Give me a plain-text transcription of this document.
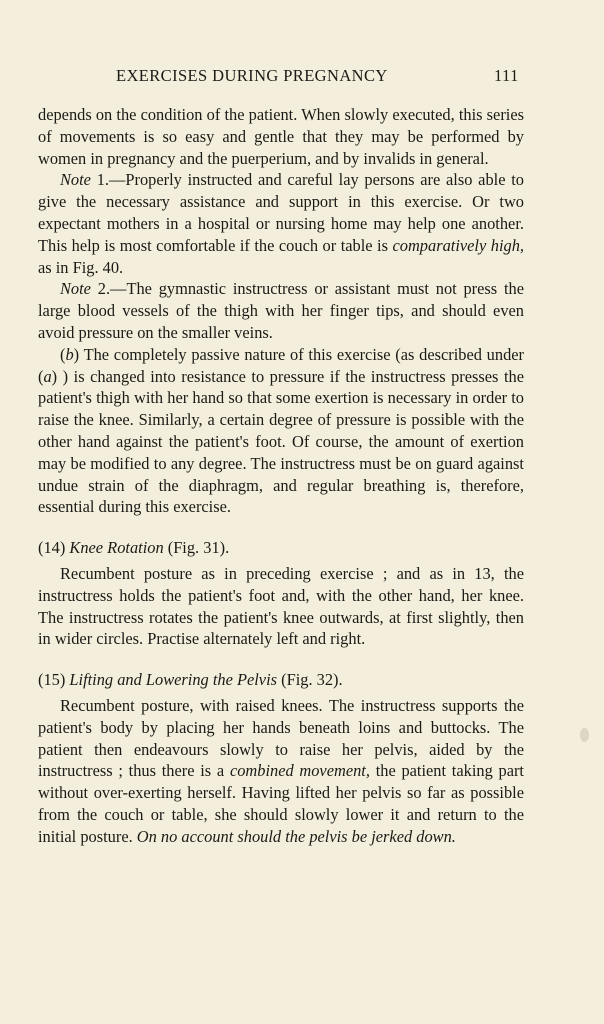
EXERCISES DURING PREGNANCY	111

depends on the condition of the patient. When slowly executed, this series of movements is so easy and gentle that they may be performed by women in pregnancy and the puerperium, and by invalids in general.

Note 1.—Properly instructed and careful lay persons are also able to give the necessary assistance and support in this exercise. Or two expectant mothers in a hospital or nursing home may help one another. This help is most comfortable if the couch or table is comparatively high, as in Fig. 40.

Note 2.—The gymnastic instructress or assistant must not press the large blood vessels of the thigh with her finger tips, and should even avoid pressure on the smaller veins.

(b) The completely passive nature of this exercise (as described under (a) ) is changed into resistance to pressure if the instructress presses the patient's thigh with her hand so that some exertion is necessary in order to raise the knee. Similarly, a certain degree of pressure is possible with the other hand against the patient's foot. Of course, the amount of exertion may be modified to any degree. The instructress must be on guard against undue strain of the diaphragm, and regular breathing is, therefore, essential during this exercise.

(14) Knee Rotation (Fig. 31).

Recumbent posture as in preceding exercise ; and as in 13, the instructress holds the patient's foot and, with the other hand, her knee. The instructress rotates the patient's knee outwards, at first slightly, then in wider circles. Practise alternately left and right.

(15) Lifting and Lowering the Pelvis (Fig. 32).

Recumbent posture, with raised knees. The instructress supports the patient's body by placing her hands beneath loins and buttocks. The patient then endeavours slowly to raise her pelvis, aided by the instructress ; thus there is a combined movement, the patient taking part without over-exerting herself. Having lifted her pelvis so far as possible from the couch or table, she should slowly lower it and return to the initial posture. On no account should the pelvis be jerked down.
